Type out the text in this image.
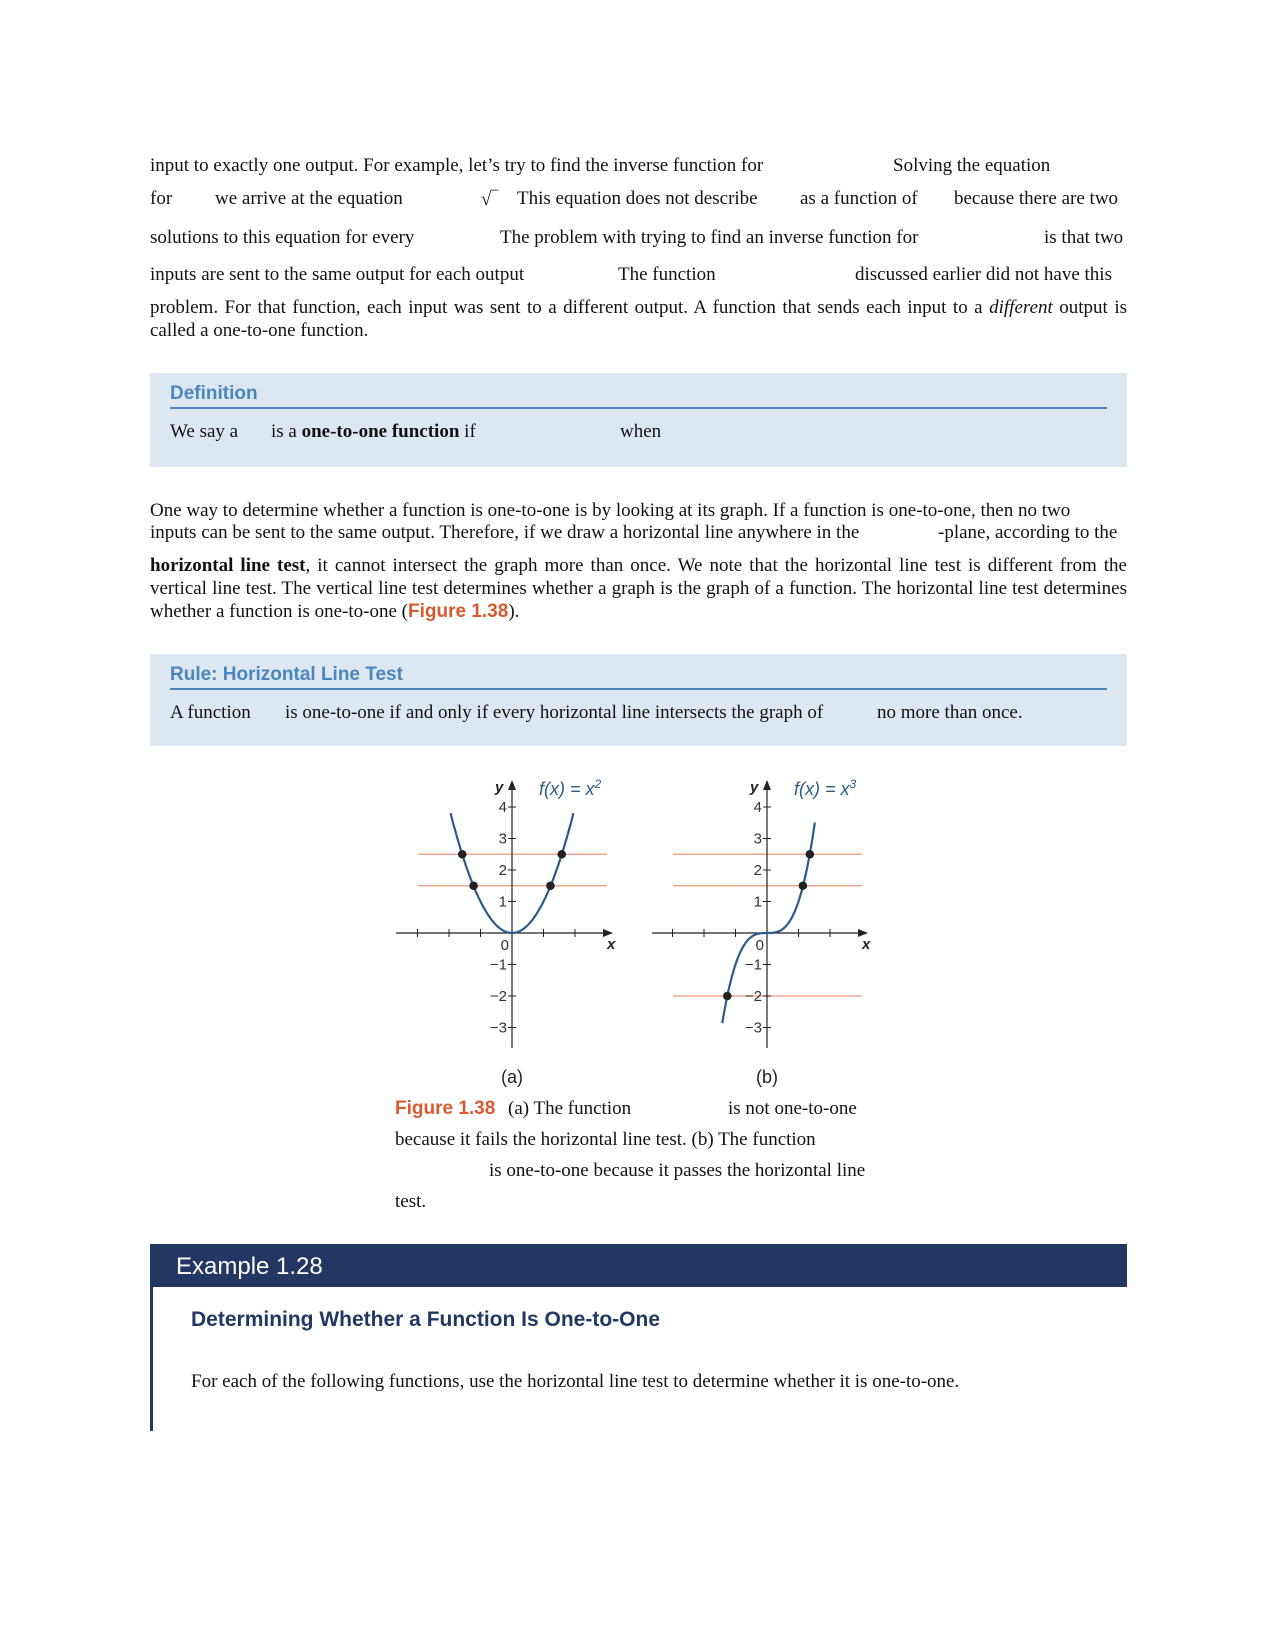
input to exactly one output. For example, let’s try to find the inverse function for	Solving the equation
for we arrive at the equation	√‾ This equation does not describe as a function of because there are two
solutions to this equation for every	The problem with trying to find an inverse function for	is that two
inputs are sent to the same output for each output	The function	discussed earlier did not have this
problem. For that function, each input was sent to a different output. A function that sends each input to a different output is called a one-to-one function.
Definition
We say a is a one-to-one function if	when
One way to determine whether a function is one-to-one is by looking at its graph. If a function is one-to-one, then no two
inputs can be sent to the same output. Therefore, if we draw a horizontal line anywhere in the	-plane, according to the
horizontal line test, it cannot intersect the graph more than once. We note that the horizontal line test is different from the vertical line test. The vertical line test determines whether a graph is the graph of a function. The horizontal line test determines whether a function is one-to-one (Figure 1.38).
Rule: Horizontal Line Test
A function is one-to-one if and only if every horizontal line intersects the graph of	no more than once.
4
3
2
1
−1
−2
−3
0	x
y $f(x) = x^2$
(a)
4
3
2
1
−1
−2
−3
0	x
y $f(x) = x^3$
(b)
Figure 1.38 (a) The function	is not one-to-one
because it fails the horizontal line test. (b) The function
is one-to-one because it passes the horizontal line
test.
Example 1.28
Determining Whether a Function Is One-to-One
For each of the following functions, use the horizontal line test to determine whether it is one-to-one.
